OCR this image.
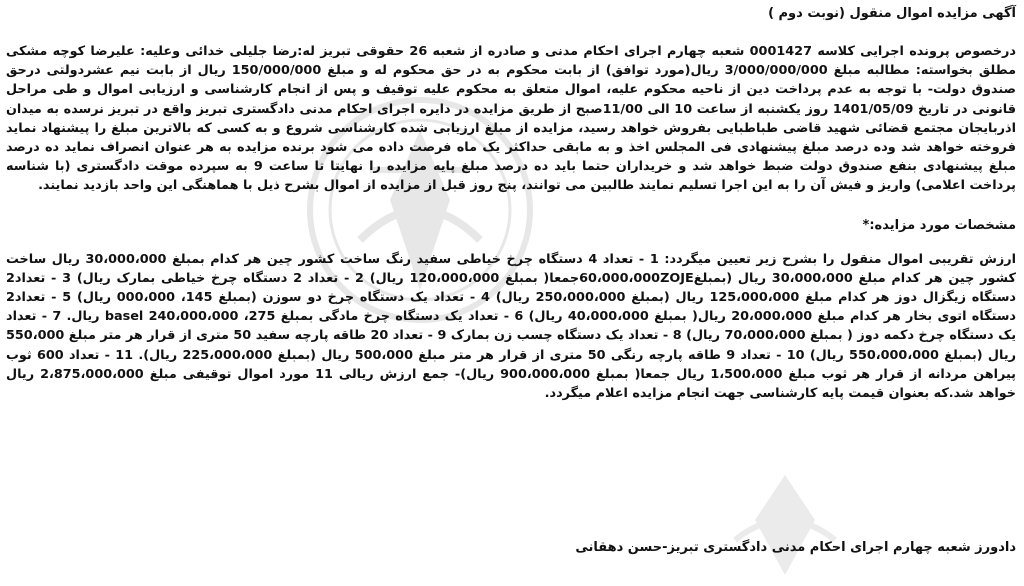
آگهی مزایده اموال منقول (نوبت دوم )

درخصوص پرونده اجرایی کلاسه 0001427 شعبه چهارم اجرای احکام مدنی و صادره از شعبه 26 حقوقی تبریز له:رضا جلیلی خدائی وعلیه: علیرضا کوچه مشکی مطلق بخواسته: مطالبه مبلغ 3/000/000/000 ریال(مورد توافق) از بابت محکوم به در حق محکوم له و مبلغ 150/000/000 ریال از بابت نیم عشردولتی درحق صندوق دولت- با توجه به عدم پرداخت دین از ناحیه محکوم علیه، اموال متعلق به محکوم علیه توقیف و پس از انجام کارشناسی و ارزیابی اموال و طی مراحل قانونی در تاریخ 1401/05/09 روز یکشنبه از ساعت 10 الی 11/00صبح از طریق مزایده در دایره اجرای احکام مدنی دادگستری تبریز واقع در تبریز نرسده به میدان اذربایجان مجتمع قضائی شهید قاضی طباطبایی بفروش خواهد رسید، مزایده از مبلغ ارزیابی شده کارشناسی شروع و به کسی که بالاترین مبلغ را پیشنهاد نماید فروخته خواهد شد وده درصد مبلغ پیشنهادی فی المجلس اخذ و به مابقی حداکثر یک ماه فرصت داده می شود برنده مزایده به هر عنوان انصراف نماید ده درصد مبلغ پیشنهادی بنفع صندوق دولت ضبط خواهد شد و خریداران حتما باید ده درصد مبلغ پایه مزایده را نهایتا تا ساعت 9 به سپرده موقت دادگستری (با شناسه پرداخت اعلامی) واریز و فیش آن را به این اجرا تسلیم نمایند طالبین می توانند، پنج روز قبل از مزایده از اموال بشرح ذیل با هماهنگی این واحد بازدید نمایند.

مشخصات مورد مزایده:*

ارزش تقریبی اموال منقول را بشرح زیر تعیین میگردد: 1 - تعداد 4 دستگاه چرخ خیاطی سفید رنگ ساخت کشور چین هر کدام بمبلغ 30،000،000 ریال ساخت کشور چین هر کدام مبلغ 30،000،000 ریال (بمبلغ60،000،000ZOJEجمعا( بمبلغ 120،000،000 ریال) 2 - تعداد 2 دستگاه چرخ خیاطی بمارک ریال) 3 - تعداد2 دستگاه زیگزال دوز هر کدام مبلغ 125،000،000 ریال (بمبلغ 250،000،000 ریال) 4 - تعداد یک دستگاه چرخ دو سوزن (بمبلغ 145، 000،000 ریال) 5 - تعداد2 دستگاه اتوی بخار هر کدام مبلغ 20،000،000 ریال( بمبلغ 40،000،000 ریال) 6 - تعداد یک دستگاه چرخ مادگی بمبلغ 275، basel 240،000،000 ریال. 7 - تعداد یک دستگاه چرخ دکمه دوز ( بمبلغ 70،000،000 ریال) 8 - تعداد یک دستگاه چسب زن بمارک 9 - تعداد 20 طاقه پارچه سفید 50 متری از قرار هر متر مبلغ 550،000 ریال (بمبلغ 550،000،000 ریال) 10 - تعداد 9 طاقه پارچه رنگی 50 متری از قرار هر متر مبلغ 500،000 ریال (بمبلغ 225،000،000 ریال). 11 - تعداد 600 ثوب پیراهن مردانه از قرار هر ثوب مبلغ 1،500،000 ریال جمعا( بمبلغ 900،000،000 ریال)- جمع ارزش ریالی 11 مورد اموال توقیفی مبلغ 2،875،000،000 ریال خواهد شد.که بعنوان قیمت پایه کارشناسی جهت انجام مزایده اعلام میگردد.

دادورز شعبه چهارم اجرای احکام مدنی دادگستری تبریز-حسن دهقانی
